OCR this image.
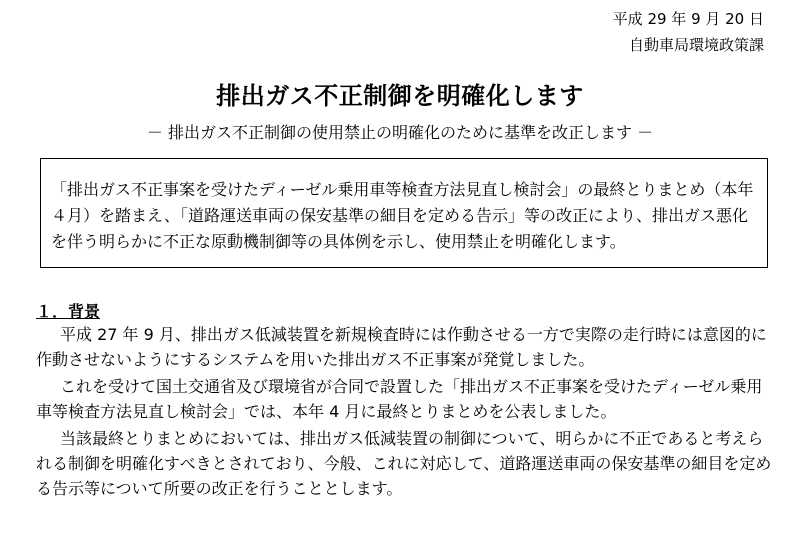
平成 29 年 9 月 20 日
自動車局環境政策課
排出ガス不正制御を明確化します
－ 排出ガス不正制御の使用禁止の明確化のために基準を改正します －

「排出ガス不正事案を受けたディーゼル乗用車等検査方法見直し検討会」の最終とりまとめ（本年４月）を踏まえ、「道路運送車両の保安基準の細目を定める告示」等の改正により、排出ガス悪化を伴う明らかに不正な原動機制御等の具体例を示し、使用禁止を明確化します。

１．背景

平成 27 年 9 月、排出ガス低減装置を新規検査時には作動させる一方で実際の走行時には意図的に作動させないようにするシステムを用いた排出ガス不正事案が発覚しました。

これを受けて国土交通省及び環境省が合同で設置した「排出ガス不正事案を受けたディーゼル乗用車等検査方法見直し検討会」では、本年 4 月に最終とりまとめを公表しました。

当該最終とりまとめにおいては、排出ガス低減装置の制御について、明らかに不正であると考えられる制御を明確化すべきとされており、今般、これに対応して、道路運送車両の保安基準の細目を定める告示等について所要の改正を行うこととします。
